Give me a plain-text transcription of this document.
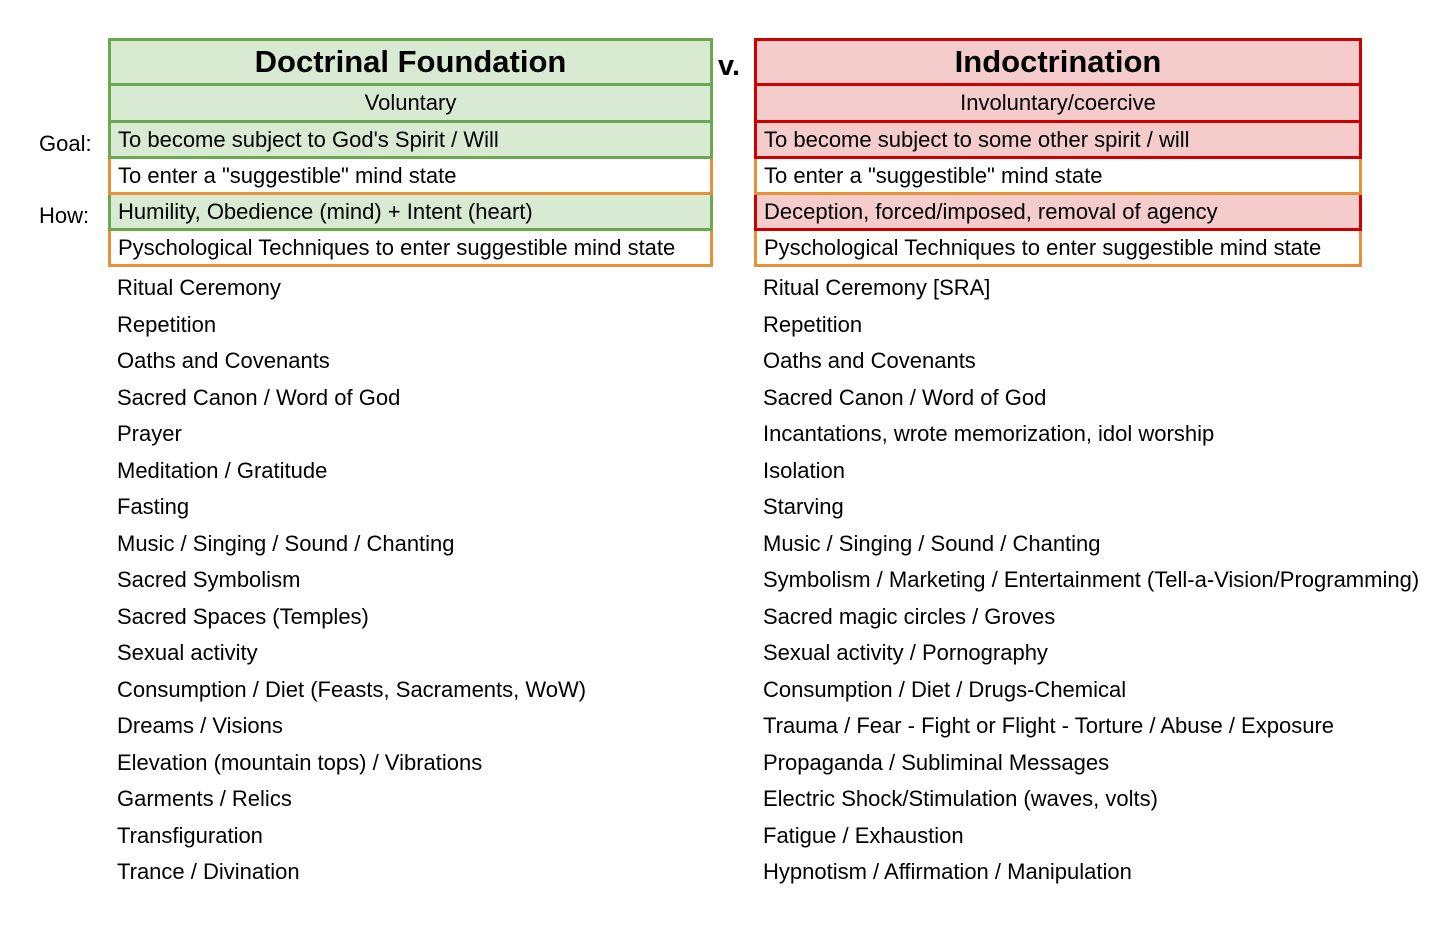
Goal:
How:
v.
Doctrinal Foundation
Voluntary
To become subject to God's Spirit / Will
To enter a "suggestible" mind state
Humility, Obedience (mind) + Intent (heart)
Pyschological Techniques to enter suggestible mind state
Ritual Ceremony
Repetition
Oaths and Covenants
Sacred Canon / Word of God
Prayer
Meditation / Gratitude
Fasting
Music / Singing / Sound / Chanting
Sacred Symbolism
Sacred Spaces (Temples)
Sexual activity
Consumption / Diet (Feasts, Sacraments, WoW)
Dreams / Visions
Elevation (mountain tops) / Vibrations
Garments / Relics
Transfiguration
Trance / Divination
Indoctrination
Involuntary/coercive
To become subject to some other spirit / will
To enter a "suggestible" mind state
Deception, forced/imposed, removal of agency
Pyschological Techniques to enter suggestible mind state
Ritual Ceremony [SRA]
Repetition
Oaths and Covenants
Sacred Canon / Word of God
Incantations, wrote memorization, idol worship
Isolation
Starving
Music / Singing / Sound / Chanting
Symbolism / Marketing / Entertainment (Tell-a-Vision/Programming)
Sacred magic circles / Groves
Sexual activity / Pornography
Consumption / Diet / Drugs-Chemical
Trauma / Fear - Fight or Flight - Torture / Abuse / Exposure
Propaganda / Subliminal Messages
Electric Shock/Stimulation (waves, volts)
Fatigue / Exhaustion
Hypnotism / Affirmation / Manipulation
